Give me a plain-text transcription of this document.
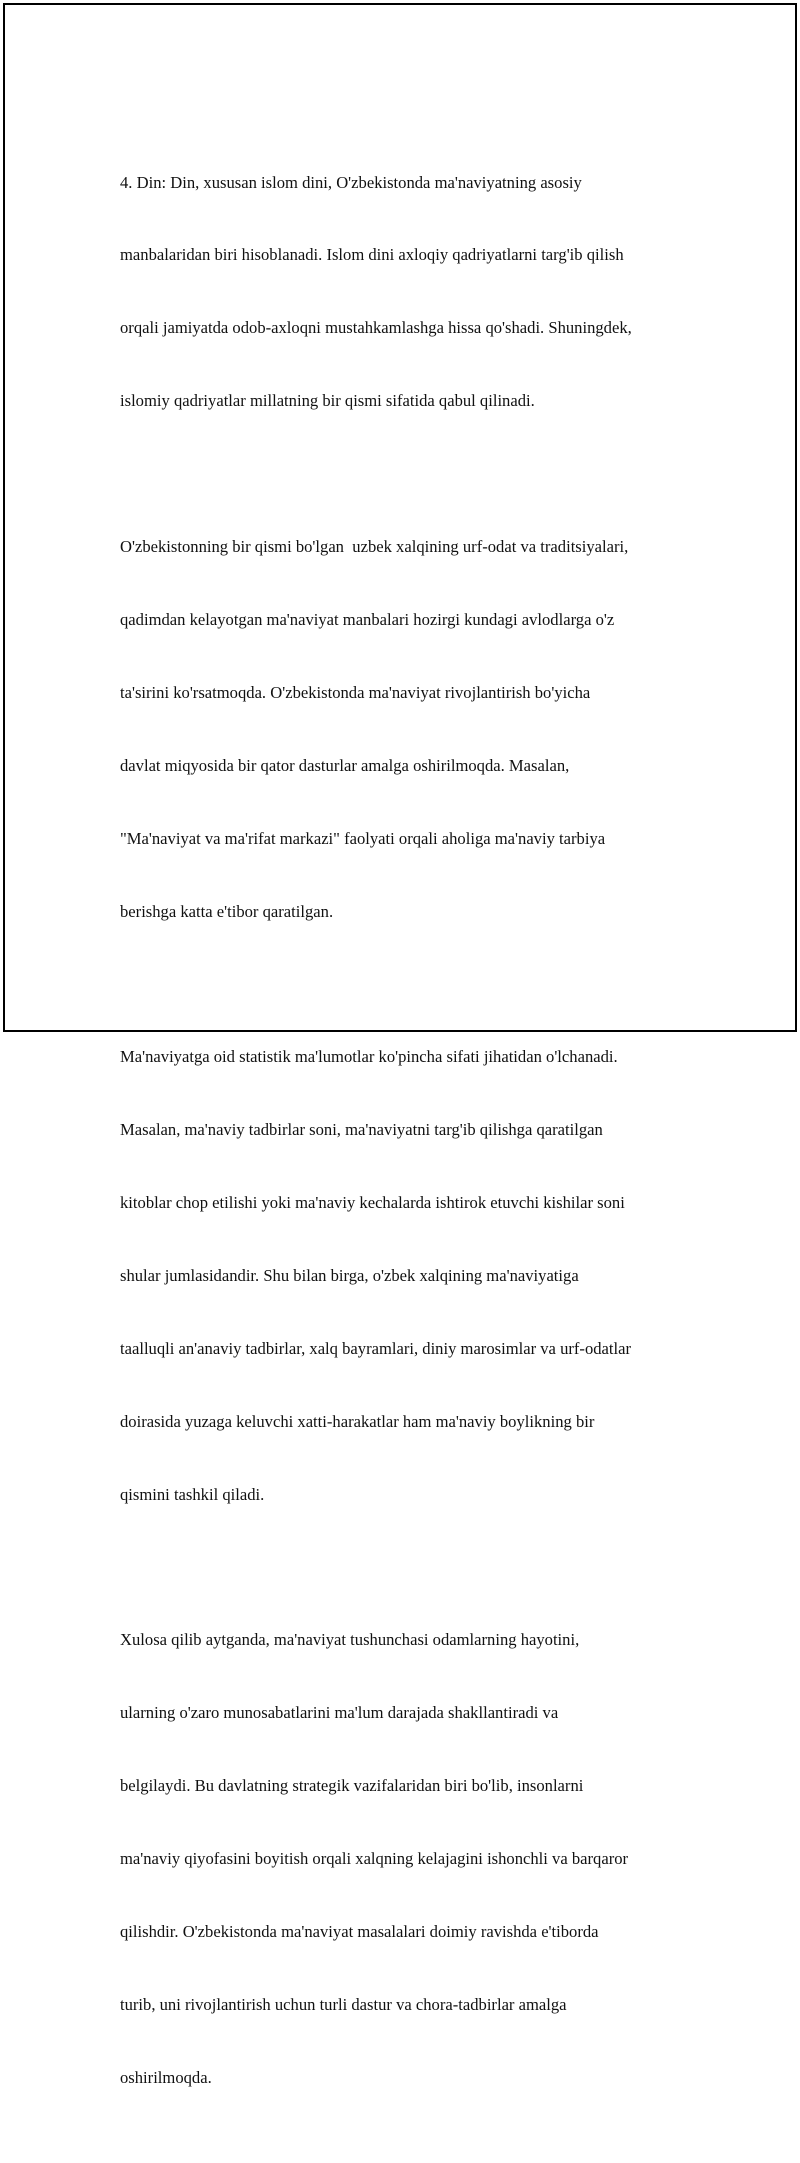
4. Din: Din, xususan islom dini, O'zbekistonda ma'naviyatning asosiy

manbalaridan biri hisoblanadi. Islom dini axloqiy qadriyatlarni targ'ib qilish

orqali jamiyatda odob-axloqni mustahkamlashga hissa qo'shadi. Shuningdek,

islomiy qadriyatlar millatning bir qismi sifatida qabul qilinadi.

O'zbekistonning bir qismi bo'lgan  uzbek xalqining urf-odat va traditsiyalari,

qadimdan kelayotgan ma'naviyat manbalari hozirgi kundagi avlodlarga o'z

ta'sirini ko'rsatmoqda. O'zbekistonda ma'naviyat rivojlantirish bo'yicha

davlat miqyosida bir qator dasturlar amalga oshirilmoqda. Masalan,

"Ma'naviyat va ma'rifat markazi" faolyati orqali aholiga ma'naviy tarbiya

berishga katta e'tibor qaratilgan.

Ma'naviyatga oid statistik ma'lumotlar ko'pincha sifati jihatidan o'lchanadi.

Masalan, ma'naviy tadbirlar soni, ma'naviyatni targ'ib qilishga qaratilgan

kitoblar chop etilishi yoki ma'naviy kechalarda ishtirok etuvchi kishilar soni

shular jumlasidandir. Shu bilan birga, o'zbek xalqining ma'naviyatiga

taalluqli an'anaviy tadbirlar, xalq bayramlari, diniy marosimlar va urf-odatlar

doirasida yuzaga keluvchi xatti-harakatlar ham ma'naviy boylikning bir

qismini tashkil qiladi.

Xulosa qilib aytganda, ma'naviyat tushunchasi odamlarning hayotini,

ularning o'zaro munosabatlarini ma'lum darajada shakllantiradi va

belgilaydi. Bu davlatning strategik vazifalaridan biri bo'lib, insonlarni

ma'naviy qiyofasini boyitish orqali xalqning kelajagini ishonchli va barqaror

qilishdir. O'zbekistonda ma'naviyat masalalari doimiy ravishda e'tiborda

turib, uni rivojlantirish uchun turli dastur va chora-tadbirlar amalga

oshirilmoqda.
